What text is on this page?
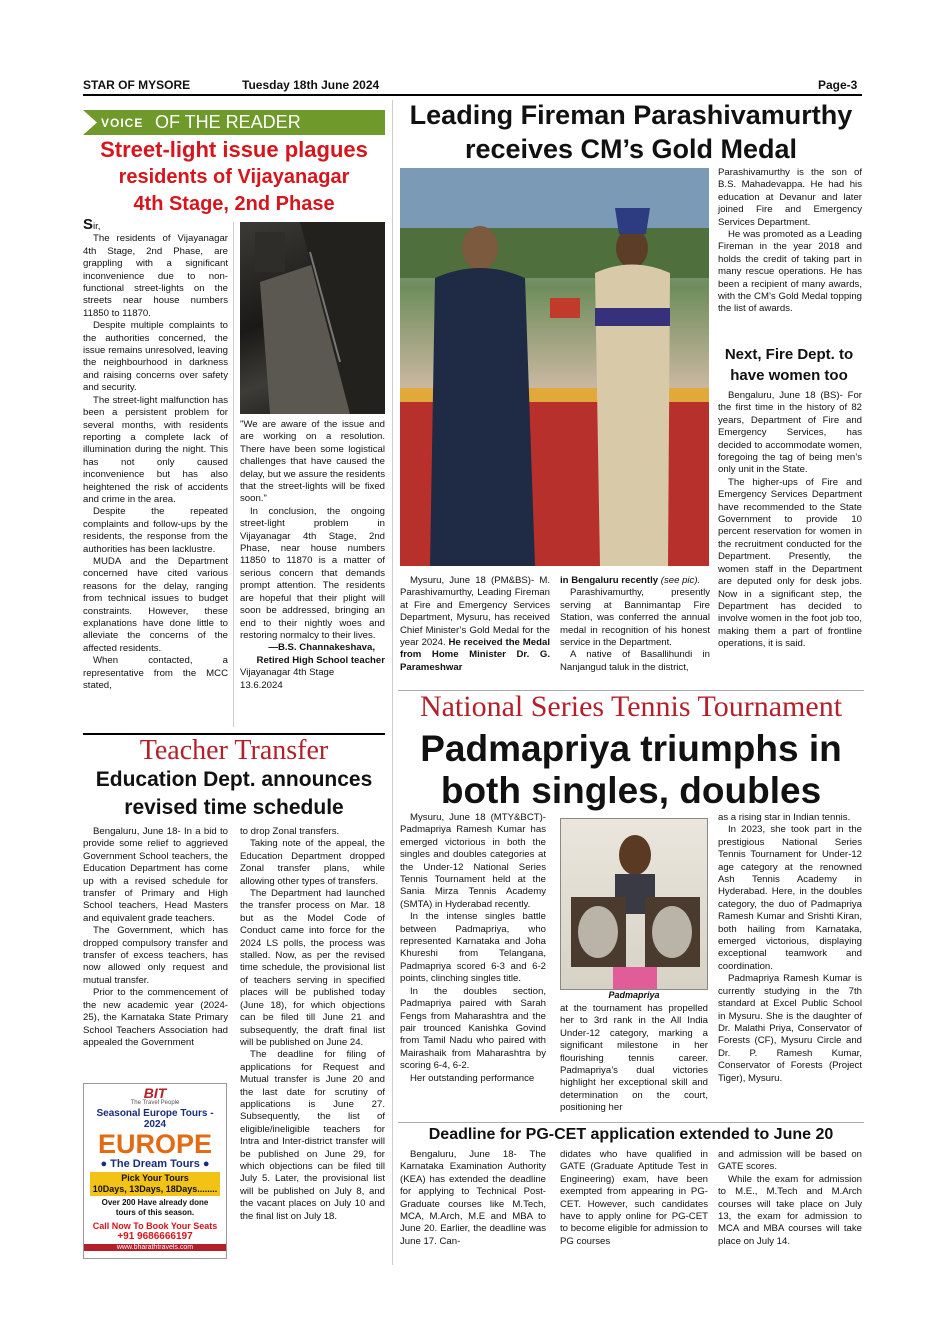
STAR OF MYSORE	Tuesday 18th June 2024	Page-3
VOICE OF THE READER
Street-light issue plagues
residents of Vijayanagar
4th Stage, 2nd Phase
Sir,

The residents of Vijayanagar 4th Stage, 2nd Phase, are grappling with a significant inconvenience due to non-functional street-lights on the streets near house numbers 11850 to 11870.

Despite multiple complaints to the authorities concerned, the issue remains unresolved, leaving the neighbourhood in darkness and raising concerns over safety and security.

The street-light malfunction has been a persistent problem for several months, with residents reporting a complete lack of illumination during the night. This has not only caused inconvenience but has also heightened the risk of accidents and crime in the area.

Despite the repeated complaints and follow-ups by the residents, the response from the authorities has been lacklustre.

MUDA and the Department concerned have cited various reasons for the delay, ranging from technical issues to budget constraints. However, these explanations have done little to alleviate the concerns of the affected residents.

When contacted, a representative from the MCC stated,

"We are aware of the issue and are working on a resolution. There have been some logistical challenges that have caused the delay, but we assure the residents that the street-lights will be fixed soon."

In conclusion, the ongoing street-light problem in Vijayanagar 4th Stage, 2nd Phase, near house numbers 11850 to 11870 is a matter of serious concern that demands prompt attention. The residents are hopeful that their plight will soon be addressed, bringing an end to their nightly woes and restoring normalcy to their lives.

—B.S. Channakeshava,
Retired High School teacher
Vijayanagar 4th Stage
13.6.2024
Teacher Transfer
Education Dept. announces
revised time schedule

Bengaluru, June 18- In a bid to provide some relief to aggrieved Government School teachers, the Education Department has come up with a revised schedule for transfer of Primary and High School teachers, Head Masters and equivalent grade teachers.

The Government, which has dropped compulsory transfer and transfer of excess teachers, has now allowed only request and mutual transfer.

Prior to the commencement of the new academic year (2024-25), the Karnataka State Primary School Teachers Association had appealed the Government

to drop Zonal transfers.

Taking note of the appeal, the Education Department dropped Zonal transfer plans, while allowing other types of transfers.

The Department had launched the transfer process on Mar. 18 but as the Model Code of Conduct came into force for the 2024 LS polls, the process was stalled. Now, as per the revised time schedule, the provisional list of teachers serving in specified places will be published today (June 18), for which objections can be filed till June 21 and subsequently, the draft final list will be published on June 24.

The deadline for filing of applications for Request and Mutual transfer is June 20 and the last date for scrutiny of applications is June 27. Subsequently, the list of eligible/ineligible teachers for Intra and Inter-district transfer will be published on June 29, for which objections can be filed till July 5. Later, the provisional list will be published on July 8, and the vacant places on July 10 and the final list on July 18.

BIT
The Travel People
Seasonal Europe Tours - 2024
EUROPE
● The Dream Tours ●
Pick Your Tours
10Days, 13Days, 18Days........
Over 200 Have already done
tours of this season.
Call Now To Book Your Seats
+91 9686666197
www.bharathtravels.com
Leading Fireman Parashivamurthy
receives CM’s Gold Medal

Mysuru, June 18 (PM&BS)- M. Parashivamurthy, Leading Fireman at Fire and Emergency Services Department, Mysuru, has received Chief Minister’s Gold Medal for the year 2024. He received the Medal from Home Minister Dr. G. Parameshwar

in Bengaluru recently (see pic).

Parashivamurthy, presently serving at Bannimantap Fire Station, was conferred the annual medal in recognition of his honest service in the Department.

A native of Basallihundi in Nanjangud taluk in the district,

Parashivamurthy is the son of B.S. Mahadevappa. He had his education at Devanur and later joined Fire and Emergency Services Department.

He was promoted as a Leading Fireman in the year 2018 and holds the credit of taking part in many rescue operations. He has been a recipient of many awards, with the CM’s Gold Medal topping the list of awards.

Next, Fire Dept. to
have women too

Bengaluru, June 18 (BS)- For the first time in the history of 82 years, Department of Fire and Emergency Services, has decided to accommodate women, foregoing the tag of being men’s only unit in the State.

The higher-ups of Fire and Emergency Services Department have recommended to the State Government to provide 10 percent reservation for women in the recruitment conducted for the Department. Presently, the women staff in the Department are deputed only for desk jobs. Now in a significant step, the Department has decided to involve women in the foot job too, making them a part of frontline operations, it is said.

National Series Tennis Tournament
Padmapriya triumphs in
both singles, doubles

Mysuru, June 18 (MTY&BCT)- Padmapriya Ramesh Kumar has emerged victorious in both the singles and doubles categories at the Under-12 National Series Tennis Tournament held at the Sania Mirza Tennis Academy (SMTA) in Hyderabad recently.

In the intense singles battle between Padmapriya, who represented Karnataka and Joha Khureshi from Telangana, Padmapriya scored 6-3 and 6-2 points, clinching singles title.

In the doubles section, Padmapriya paired with Sarah Fengs from Maharashtra and the pair trounced Kanishka Govind from Tamil Nadu who paired with Mairashaik from Maharashtra by scoring 6-4, 6-2.

Her outstanding performance

Padmapriya

at the tournament has propelled her to 3rd rank in the All India Under-12 category, marking a significant milestone in her flourishing tennis career. Padmapriya’s dual victories highlight her exceptional skill and determination on the court, positioning her

as a rising star in Indian tennis.

In 2023, she took part in the prestigious National Series Tennis Tournament for Under-12 age category at the renowned Ash Tennis Academy in Hyderabad. Here, in the doubles category, the duo of Padmapriya Ramesh Kumar and Srishti Kiran, both hailing from Karnataka, emerged victorious, displaying exceptional teamwork and coordination.

Padmapriya Ramesh Kumar is currently studying in the 7th standard at Excel Public School in Mysuru. She is the daughter of Dr. Malathi Priya, Conservator of Forests (CF), Mysuru Circle and Dr. P. Ramesh Kumar, Conservator of Forests (Project Tiger), Mysuru.

Deadline for PG-CET application extended to June 20

Bengaluru, June 18- The Karnataka Examination Authority (KEA) has extended the deadline for applying to Technical Post-Graduate courses like M.Tech, MCA, M.Arch, M.E and MBA to June 20. Earlier, the deadline was June 17. Can-

didates who have qualified in GATE (Graduate Aptitude Test in Engineering) exam, have been exempted from appearing in PG-CET. However, such candidates have to apply online for PG-CET to become eligible for admission to PG courses

and admission will be based on GATE scores.

While the exam for admission to M.E., M.Tech and M.Arch courses will take place on July 13, the exam for admission to MCA and MBA courses will take place on July 14.
